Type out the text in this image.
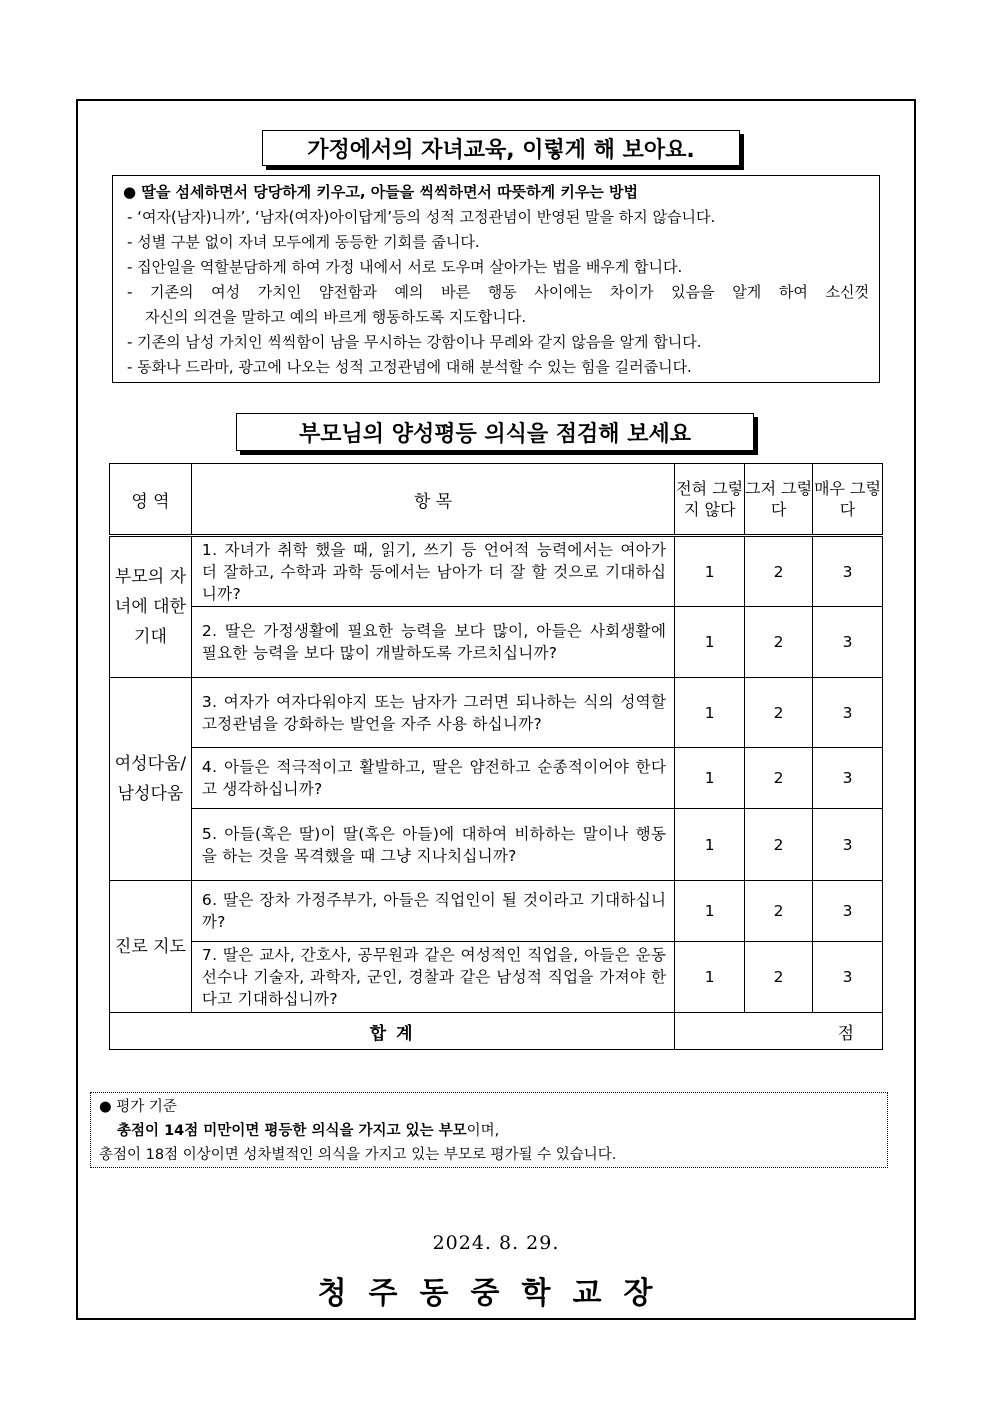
가정에서의 자녀교육, 이렇게 해 보아요.
● 딸을 섬세하면서 당당하게 키우고, 아들을 씩씩하면서 따뜻하게 키우는 방법
- ‘여자(남자)니까’, ‘남자(여자)아이답게’등의 성적 고정관념이 반영된 말을 하지 않습니다.
- 성별 구분 없이 자녀 모두에게 동등한 기회를 줍니다.
- 집안일을 역할분담하게 하여 가정 내에서 서로 도우며 살아가는 법을 배우게 합니다.
- 기존의 여성 가치인 얌전함과 예의 바른 행동 사이에는 차이가 있음을 알게 하여 소신껏
자신의 의견을 말하고 예의 바르게 행동하도록 지도합니다.
- 기존의 남성 가치인 씩씩함이 남을 무시하는 강함이나 무례와 같지 않음을 알게 합니다.
- 동화나 드라마, 광고에 나오는 성적 고정관념에 대해 분석할 수 있는 힘을 길러줍니다.
부모님의 양성평등 의식을 점검해 보세요
영 역	항 목	전혀 그렇지 않다	그저 그렇다	매우 그렇다
부모의 자녀에 대한 기대	1. 자녀가 취학 했을 때, 읽기, 쓰기 등 언어적 능력에서는 여아가 더 잘하고, 수학과 과학 등에서는 남아가 더 잘 할 것으로 기대하십니까?	1	2	3
	2. 딸은 가정생활에 필요한 능력을 보다 많이, 아들은 사회생활에 필요한 능력을 보다 많이 개발하도록 가르치십니까?	1	2	3
여성다움/ 남성다움	3. 여자가 여자다워야지 또는 남자가 그러면 되나하는 식의 성역할 고정관념을 강화하는 발언을 자주 사용 하십니까?	1	2	3
	4. 아들은 적극적이고 활발하고, 딸은 얌전하고 순종적이어야 한다고 생각하십니까?	1	2	3
	5. 아들(혹은 딸)이 딸(혹은 아들)에 대하여 비하하는 말이나 행동을 하는 것을 목격했을 때 그냥 지나치십니까?	1	2	3
진로 지도	6. 딸은 장차 가정주부가, 아들은 직업인이 될 것이라고 기대하십니까?	1	2	3
	7. 딸은 교사, 간호사, 공무원과 같은 여성적인 직업을, 아들은 운동선수나 기술자, 과학자, 군인, 경찰과 같은 남성적 직업을 가져야 한다고 기대하십니까?	1	2	3
합 계		점		
● 평가 기준
총점이 14점 미만이면 평등한 의식을 가지고 있는 부모이며,
총점이 18점 이상이면 성차별적인 의식을 가지고 있는 부모로 평가될 수 있습니다.
2024. 8. 29.
청주동중학교장
